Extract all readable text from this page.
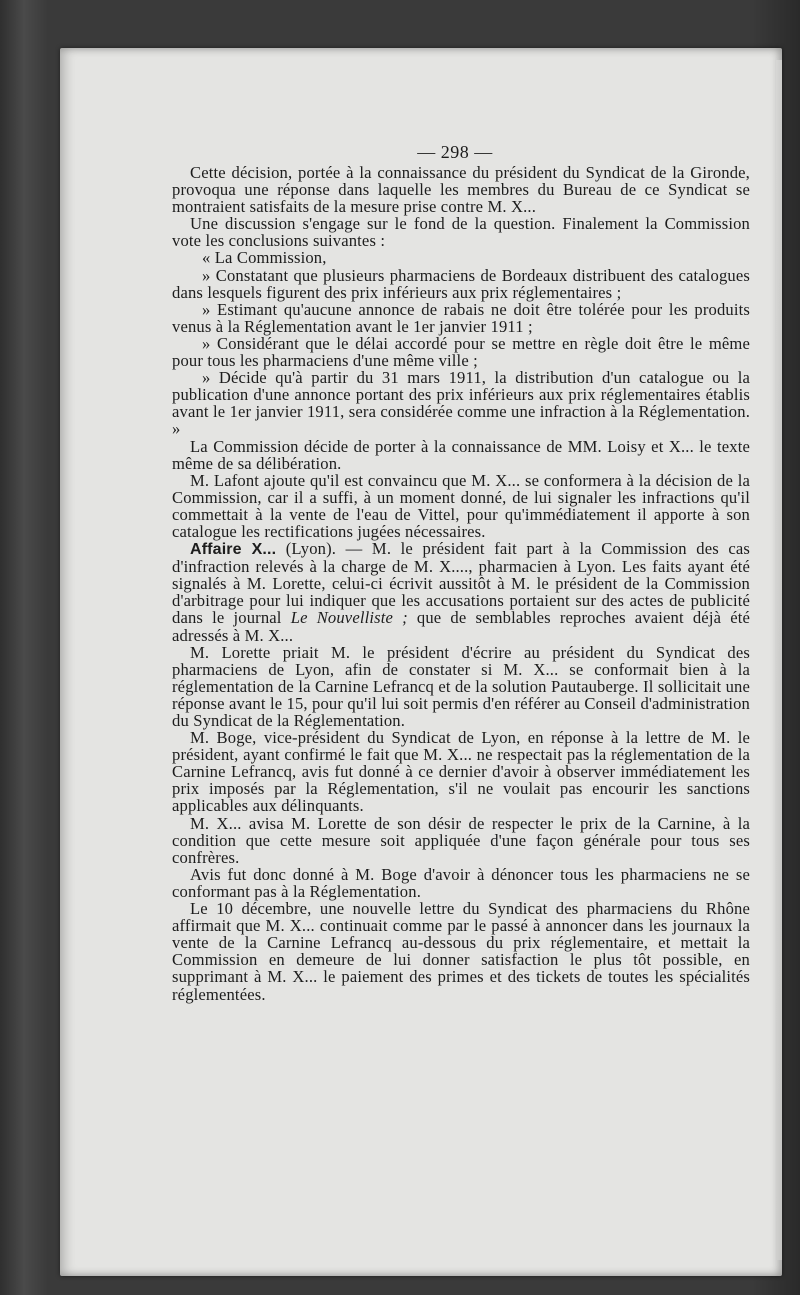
— 298 —

Cette décision, portée à la connaissance du président du Syndicat de la Gironde, provoqua une réponse dans laquelle les membres du Bureau de ce Syndicat se montraient satisfaits de la mesure prise contre M. X...

Une discussion s'engage sur le fond de la question. Finalement la Commission vote les conclusions suivantes :

« La Commission,

» Constatant que plusieurs pharmaciens de Bordeaux distribuent des catalogues dans lesquels figurent des prix inférieurs aux prix réglementaires ;

» Estimant qu'aucune annonce de rabais ne doit être tolérée pour les produits venus à la Réglementation avant le 1er janvier 1911 ;

» Considérant que le délai accordé pour se mettre en règle doit être le même pour tous les pharmaciens d'une même ville ;

» Décide qu'à partir du 31 mars 1911, la distribution d'un catalogue ou la publication d'une annonce portant des prix inférieurs aux prix réglementaires établis avant le 1er janvier 1911, sera considérée comme une infraction à la Réglementation. »

La Commission décide de porter à la connaissance de MM. Loisy et X... le texte même de sa délibération.

M. Lafont ajoute qu'il est convaincu que M. X... se conformera à la décision de la Commission, car il a suffi, à un moment donné, de lui signaler les infractions qu'il commettait à la vente de l'eau de Vittel, pour qu'immédiatement il apporte à son catalogue les rectifications jugées nécessaires.

Affaire X... (Lyon). — M. le président fait part à la Commission des cas d'infraction relevés à la charge de M. X...., pharmacien à Lyon. Les faits ayant été signalés à M. Lorette, celui-ci écrivit aussitôt à M. le président de la Commission d'arbitrage pour lui indiquer que les accusations portaient sur des actes de publicité dans le journal Le Nouvelliste ; que de semblables reproches avaient déjà été adressés à M. X...

M. Lorette priait M. le président d'écrire au président du Syndicat des pharmaciens de Lyon, afin de constater si M. X... se conformait bien à la réglementation de la Carnine Lefrancq et de la solution Pautauberge. Il sollicitait une réponse avant le 15, pour qu'il lui soit permis d'en référer au Conseil d'administration du Syndicat de la Réglementation.

M. Boge, vice-président du Syndicat de Lyon, en réponse à la lettre de M. le président, ayant confirmé le fait que M. X... ne respectait pas la réglementation de la Carnine Lefrancq, avis fut donné à ce dernier d'avoir à observer immédiatement les prix imposés par la Réglementation, s'il ne voulait pas encourir les sanctions applicables aux délinquants.

M. X... avisa M. Lorette de son désir de respecter le prix de la Carnine, à la condition que cette mesure soit appliquée d'une façon générale pour tous ses confrères.

Avis fut donc donné à M. Boge d'avoir à dénoncer tous les pharmaciens ne se conformant pas à la Réglementation.

Le 10 décembre, une nouvelle lettre du Syndicat des pharmaciens du Rhône affirmait que M. X... continuait comme par le passé à annoncer dans les journaux la vente de la Carnine Lefrancq au-dessous du prix réglementaire, et mettait la Commission en demeure de lui donner satisfaction le plus tôt possible, en supprimant à M. X... le paiement des primes et des tickets de toutes les spécialités réglementées.
